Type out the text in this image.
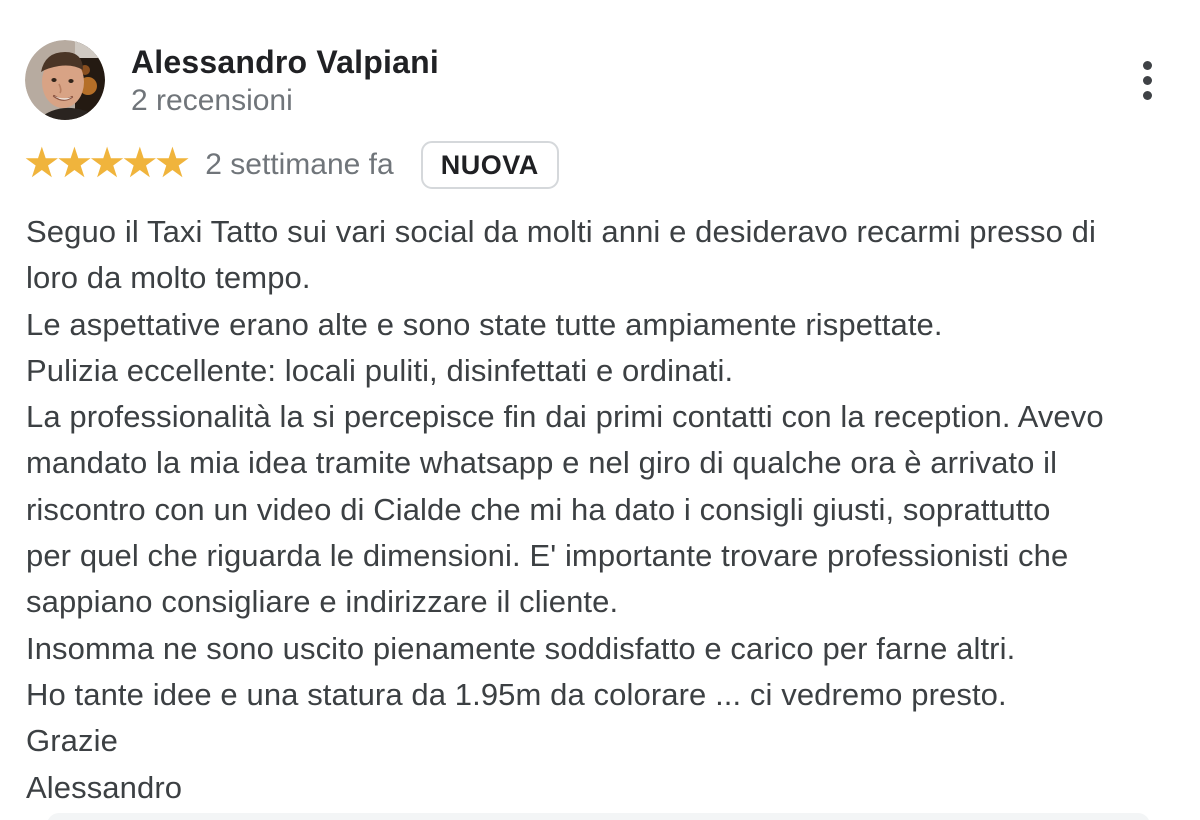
Alessandro Valpiani
2 recensioni
★★★★★ 2 settimane fa	NUOVA
Seguo il Taxi Tatto sui vari social da molti anni e desideravo recarmi presso di
loro da molto tempo.
Le aspettative erano alte e sono state tutte ampiamente rispettate.
Pulizia eccellente: locali puliti, disinfettati e ordinati.
La professionalità la si percepisce fin dai primi contatti con la reception. Avevo
mandato la mia idea tramite whatsapp e nel giro di qualche ora è arrivato il
riscontro con un video di Cialde che mi ha dato i consigli giusti, soprattutto
per quel che riguarda le dimensioni. E' importante trovare professionisti che
sappiano consigliare e indirizzare il cliente.
Insomma ne sono uscito pienamente soddisfatto e carico per farne altri.
Ho tante idee e una statura da 1.95m da colorare ... ci vedremo presto.
Grazie
Alessandro
